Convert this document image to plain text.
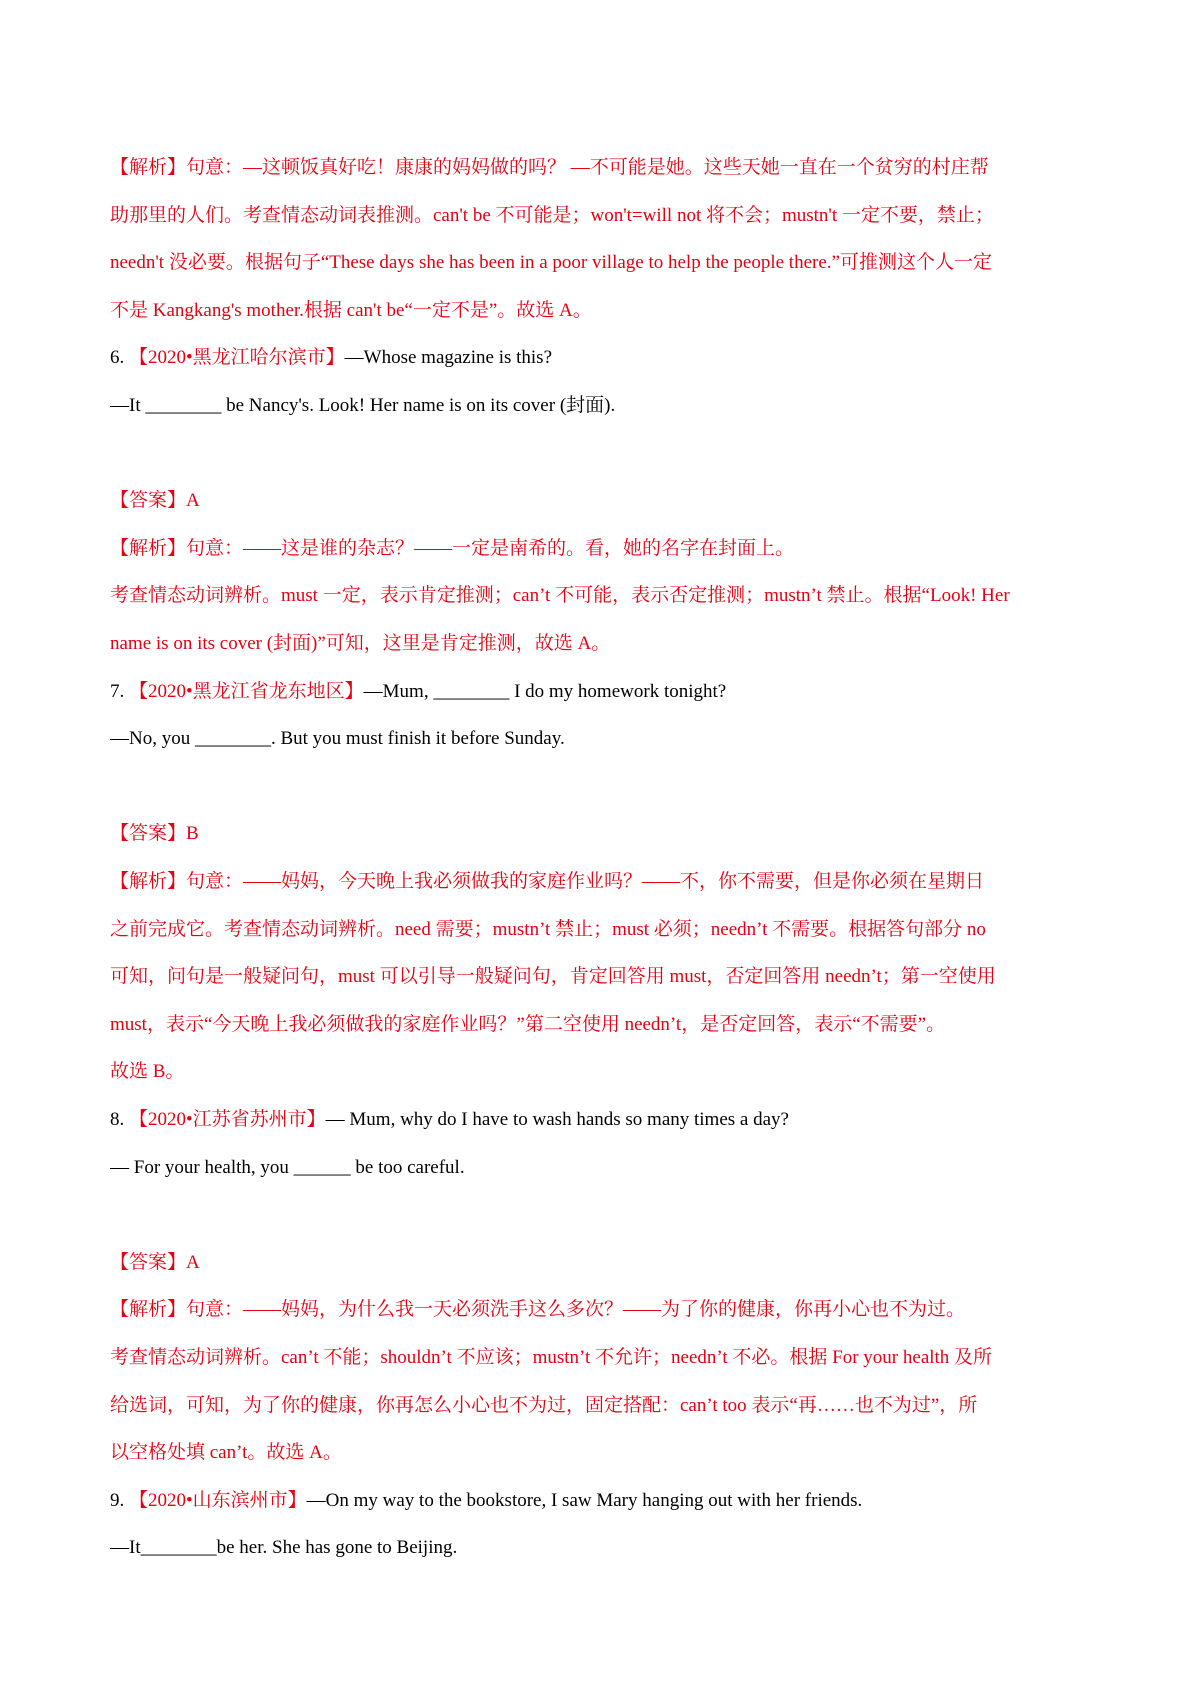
【解析】句意：—这顿饭真好吃！康康的妈妈做的吗？ —不可能是她。这些天她一直在一个贫穷的村庄帮
助那里的人们。考查情态动词表推测。can't be 不可能是；won't=will not 将不会；mustn't 一定不要，禁止；
needn't 没必要。根据句子“These days she has been in a poor village to help the people there.”可推测这个人一定
不是 Kangkang's mother.根据 can't be“一定不是”。故选 A。
6. 【2020•黑龙江哈尔滨市】—Whose magazine is this?
—It ________ be Nancy's. Look! Her name is on its cover (封面).
【答案】A
【解析】句意：——这是谁的杂志？——一定是南希的。看，她的名字在封面上。
考查情态动词辨析。must 一定，表示肯定推测；can’t 不可能，表示否定推测；mustn’t 禁止。根据“Look! Her
name is on its cover (封面)”可知，这里是肯定推测，故选 A。
7. 【2020•黑龙江省龙东地区】—Mum, ________ I do my homework tonight?
—No, you ________. But you must finish it before Sunday.
【答案】B
【解析】句意：——妈妈，今天晚上我必须做我的家庭作业吗？——不，你不需要，但是你必须在星期日
之前完成它。考查情态动词辨析。need 需要；mustn’t 禁止；must 必须；needn’t 不需要。根据答句部分 no
可知，问句是一般疑问句，must 可以引导一般疑问句，肯定回答用 must，否定回答用 needn’t；第一空使用
must，表示“今天晚上我必须做我的家庭作业吗？”第二空使用 needn’t，是否定回答，表示“不需要”。
故选 B。
8. 【2020•江苏省苏州市】— Mum, why do I have to wash hands so many times a day?
— For your health, you ______ be too careful.
【答案】A
【解析】句意：——妈妈，为什么我一天必须洗手这么多次？——为了你的健康，你再小心也不为过。
考查情态动词辨析。can’t 不能；shouldn’t 不应该；mustn’t 不允许；needn’t 不必。根据 For your health 及所
给选词，可知，为了你的健康，你再怎么小心也不为过，固定搭配：can’t too 表示“再……也不为过”，所
以空格处填 can’t。故选 A。
9. 【2020•山东滨州市】—On my way to the bookstore, I saw Mary hanging out with her friends.
—It________be her. She has gone to Beijing.
